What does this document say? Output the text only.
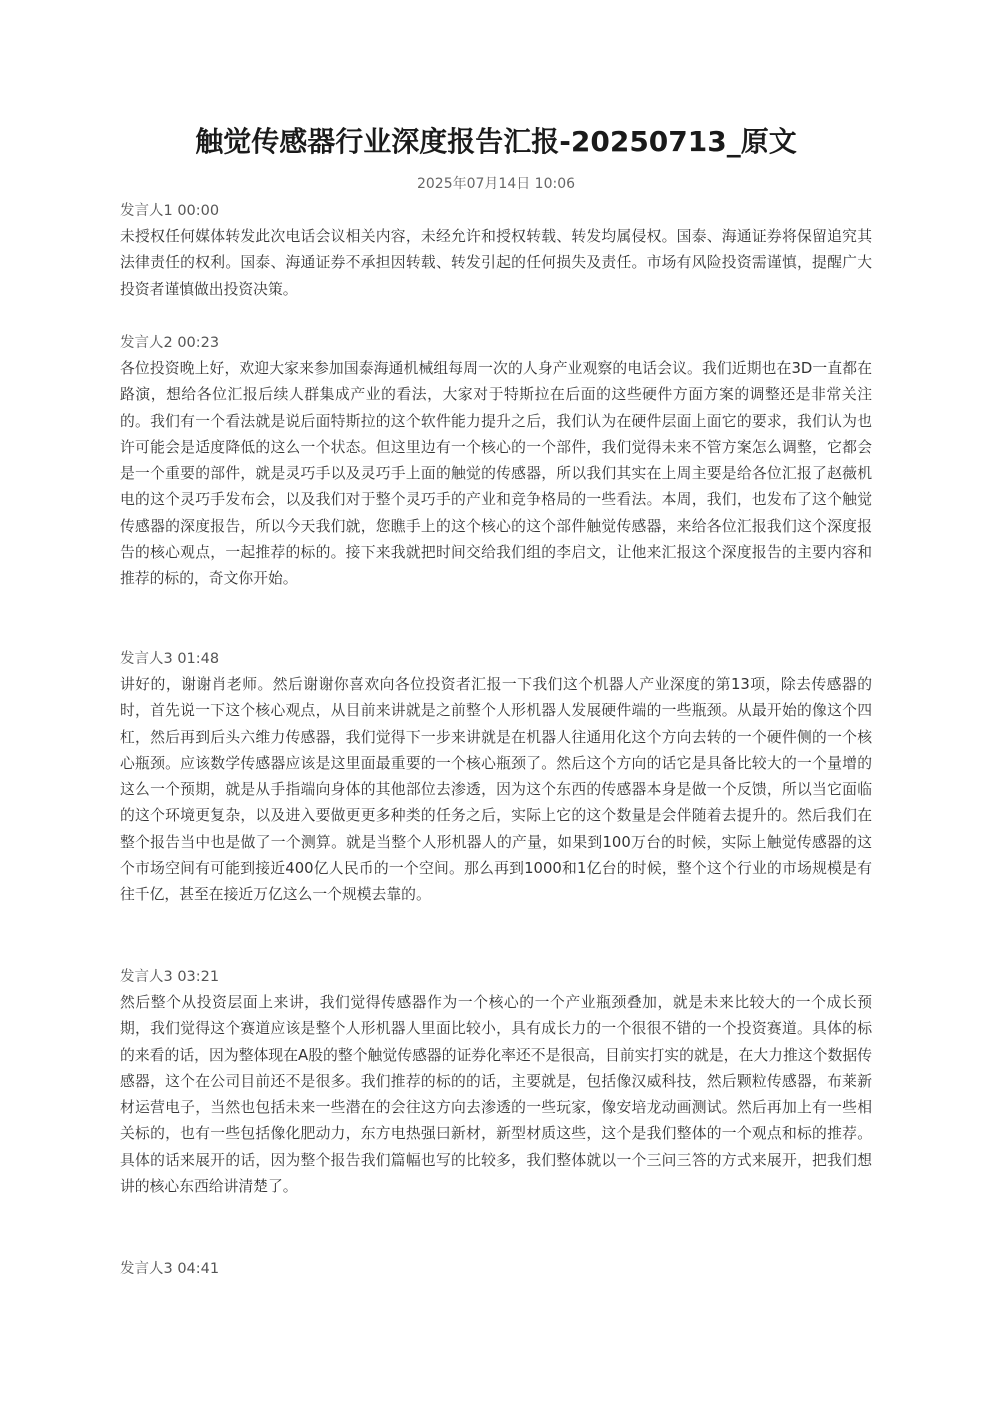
触觉传感器行业深度报告汇报-20250713_原文
2025年07月14日 10:06
发言人1 00:00

未授权任何媒体转发此次电话会议相关内容，未经允许和授权转载、转发均属侵权。国泰、海通证券将保留追究其法律责任的权利。国泰、海通证券不承担因转载、转发引起的任何损失及责任。市场有风险投资需谨慎，提醒广大投资者谨慎做出投资决策。

发言人2 00:23

各位投资晚上好，欢迎大家来参加国泰海通机械组每周一次的人身产业观察的电话会议。我们近期也在3D一直都在路演，想给各位汇报后续人群集成产业的看法，大家对于特斯拉在后面的这些硬件方面方案的调整还是非常关注的。我们有一个看法就是说后面特斯拉的这个软件能力提升之后，我们认为在硬件层面上面它的要求，我们认为也许可能会是适度降低的这么一个状态。但这里边有一个核心的一个部件，我们觉得未来不管方案怎么调整，它都会是一个重要的部件，就是灵巧手以及灵巧手上面的触觉的传感器，所以我们其实在上周主要是给各位汇报了赵薇机电的这个灵巧手发布会，以及我们对于整个灵巧手的产业和竞争格局的一些看法。本周，我们，也发布了这个触觉传感器的深度报告，所以今天我们就，您瞧手上的这个核心的这个部件触觉传感器，来给各位汇报我们这个深度报告的核心观点，一起推荐的标的。接下来我就把时间交给我们组的李启文，让他来汇报这个深度报告的主要内容和推荐的标的，奇文你开始。

发言人3 01:48

讲好的，谢谢肖老师。然后谢谢你喜欢向各位投资者汇报一下我们这个机器人产业深度的第13项，除去传感器的时，首先说一下这个核心观点，从目前来讲就是之前整个人形机器人发展硬件端的一些瓶颈。从最开始的像这个四杠，然后再到后头六维力传感器，我们觉得下一步来讲就是在机器人往通用化这个方向去转的一个硬件侧的一个核心瓶颈。应该数学传感器应该是这里面最重要的一个核心瓶颈了。然后这个方向的话它是具备比较大的一个量增的这么一个预期，就是从手指端向身体的其他部位去渗透，因为这个东西的传感器本身是做一个反馈，所以当它面临的这个环境更复杂，以及进入要做更更多种类的任务之后，实际上它的这个数量是会伴随着去提升的。然后我们在整个报告当中也是做了一个测算。就是当整个人形机器人的产量，如果到100万台的时候，实际上触觉传感器的这个市场空间有可能到接近400亿人民币的一个空间。那么再到1000和1亿台的时候，整个这个行业的市场规模是有往千亿，甚至在接近万亿这么一个规模去靠的。

发言人3 03:21

然后整个从投资层面上来讲，我们觉得传感器作为一个核心的一个产业瓶颈叠加，就是未来比较大的一个成长预期，我们觉得这个赛道应该是整个人形机器人里面比较小，具有成长力的一个很很不错的一个投资赛道。具体的标的来看的话，因为整体现在A股的整个触觉传感器的证券化率还不是很高，目前实打实的就是，在大力推这个数据传感器，这个在公司目前还不是很多。我们推荐的标的的话，主要就是，包括像汉威科技，然后颗粒传感器，布莱新材运营电子，当然也包括未来一些潜在的会往这方向去渗透的一些玩家，像安培龙动画测试。然后再加上有一些相关标的，也有一些包括像化肥动力，东方电热强曰新材，新型材质这些，这个是我们整体的一个观点和标的推荐。具体的话来展开的话，因为整个报告我们篇幅也写的比较多，我们整体就以一个三问三答的方式来展开，把我们想讲的核心东西给讲清楚了。

发言人3 04:41
